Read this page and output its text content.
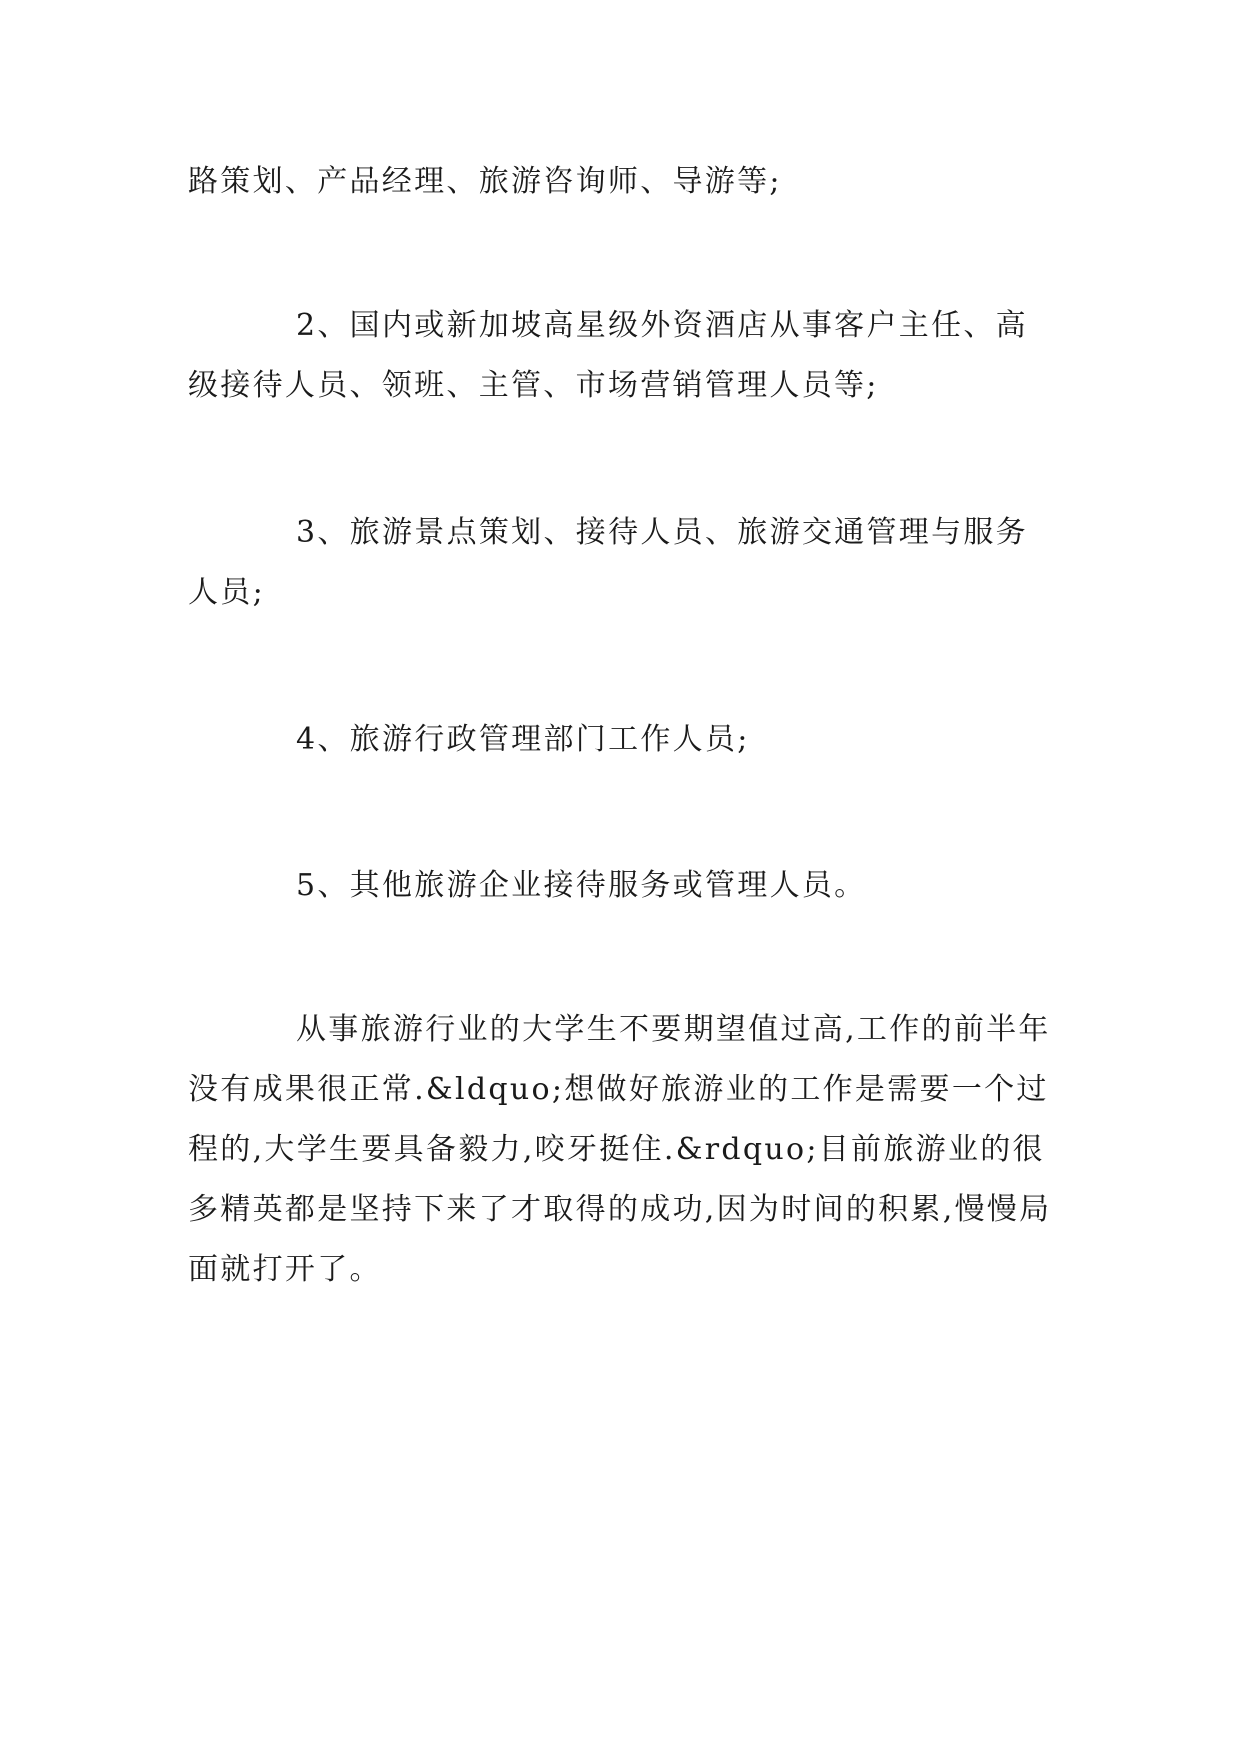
路策划、产品经理、旅游咨询师、导游等;

2、国内或新加坡高星级外资酒店从事客户主任、高级接待人员、领班、主管、市场营销管理人员等;

3、旅游景点策划、接待人员、旅游交通管理与服务人员;

4、旅游行政管理部门工作人员;

5、其他旅游企业接待服务或管理人员。

从事旅游行业的大学生不要期望值过高,工作的前半年没有成果很正常.&ldquo;想做好旅游业的工作是需要一个过程的,大学生要具备毅力,咬牙挺住.&rdquo;目前旅游业的很多精英都是坚持下来了才取得的成功,因为时间的积累,慢慢局面就打开了。
